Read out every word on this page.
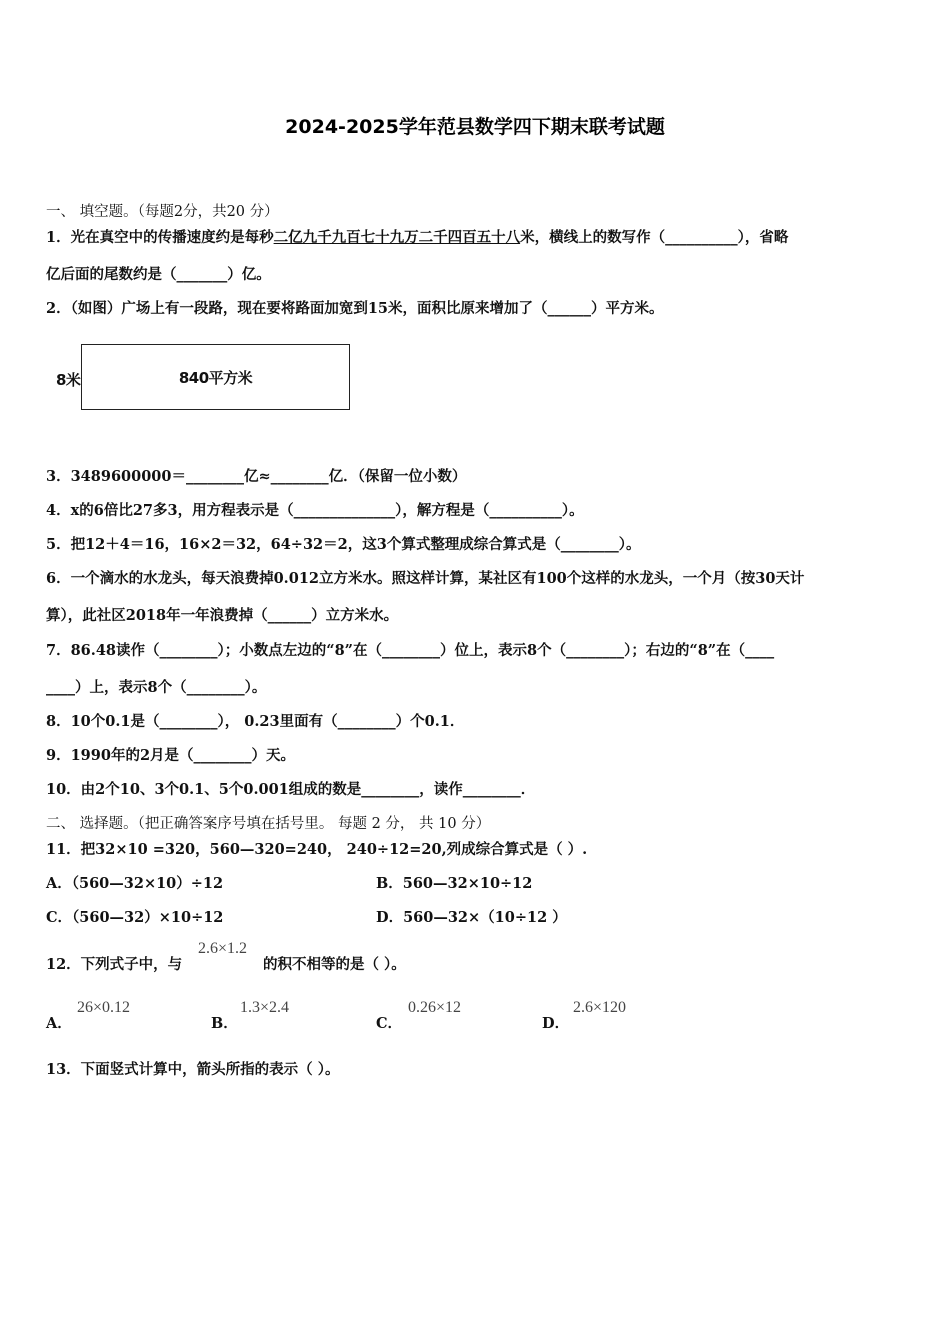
2024-2025学年范县数学四下期末联考试题
一、 填空题。（每题2分，共20 分）
1．光在真空中的传播速度约是每秒二亿九千九百七十九万二千四百五十八米，横线上的数写作（__________），省略
亿后面的尾数约是（_______）亿。
2．（如图）广场上有一段路，现在要将路面加宽到15米，面积比原来增加了（______）平方米。
8米	840平方米
3．3489600000＝________亿≈________亿．（保留一位小数）
4．x的6倍比27多3，用方程表示是（______________），解方程是（__________）。
5．把12＋4＝16，16×2＝32，64÷32＝2，这3个算式整理成综合算式是（________）。
6．一个滴水的水龙头，每天浪费掉0.012立方米水。照这样计算，某社区有100个这样的水龙头，一个月（按30天计
算），此社区2018年一年浪费掉（______）立方米水。
7．86.48读作（________）；小数点左边的“8”在（________）位上，表示8个（________）；右边的“8”在（____
____）上，表示8个（________）。
8．10个0.1是（________）， 0.23里面有（________）个0.1．
9．1990年的2月是（________）天。
10．由2个10、3个0.1、5个0.001组成的数是________，读作________．
二、 选择题。（把正确答案序号填在括号里。 每题 2 分， 共 10 分）
11．把32×10 =320，560—320=240， 240÷12=20,列成综合算式是（ ）.
A．（560—32×10）÷12	B．560—32×10÷12
C．（560—32）×10÷12	D．560—32×（10÷12 ）
12．下列式子中，与
2.6×1.2
的积不相等的是（ ）。
A．
26×0.12
B．
1.3×2.4
C．
0.26×12
D．
2.6×120
13．下面竖式计算中，箭头所指的表示（ ）。
